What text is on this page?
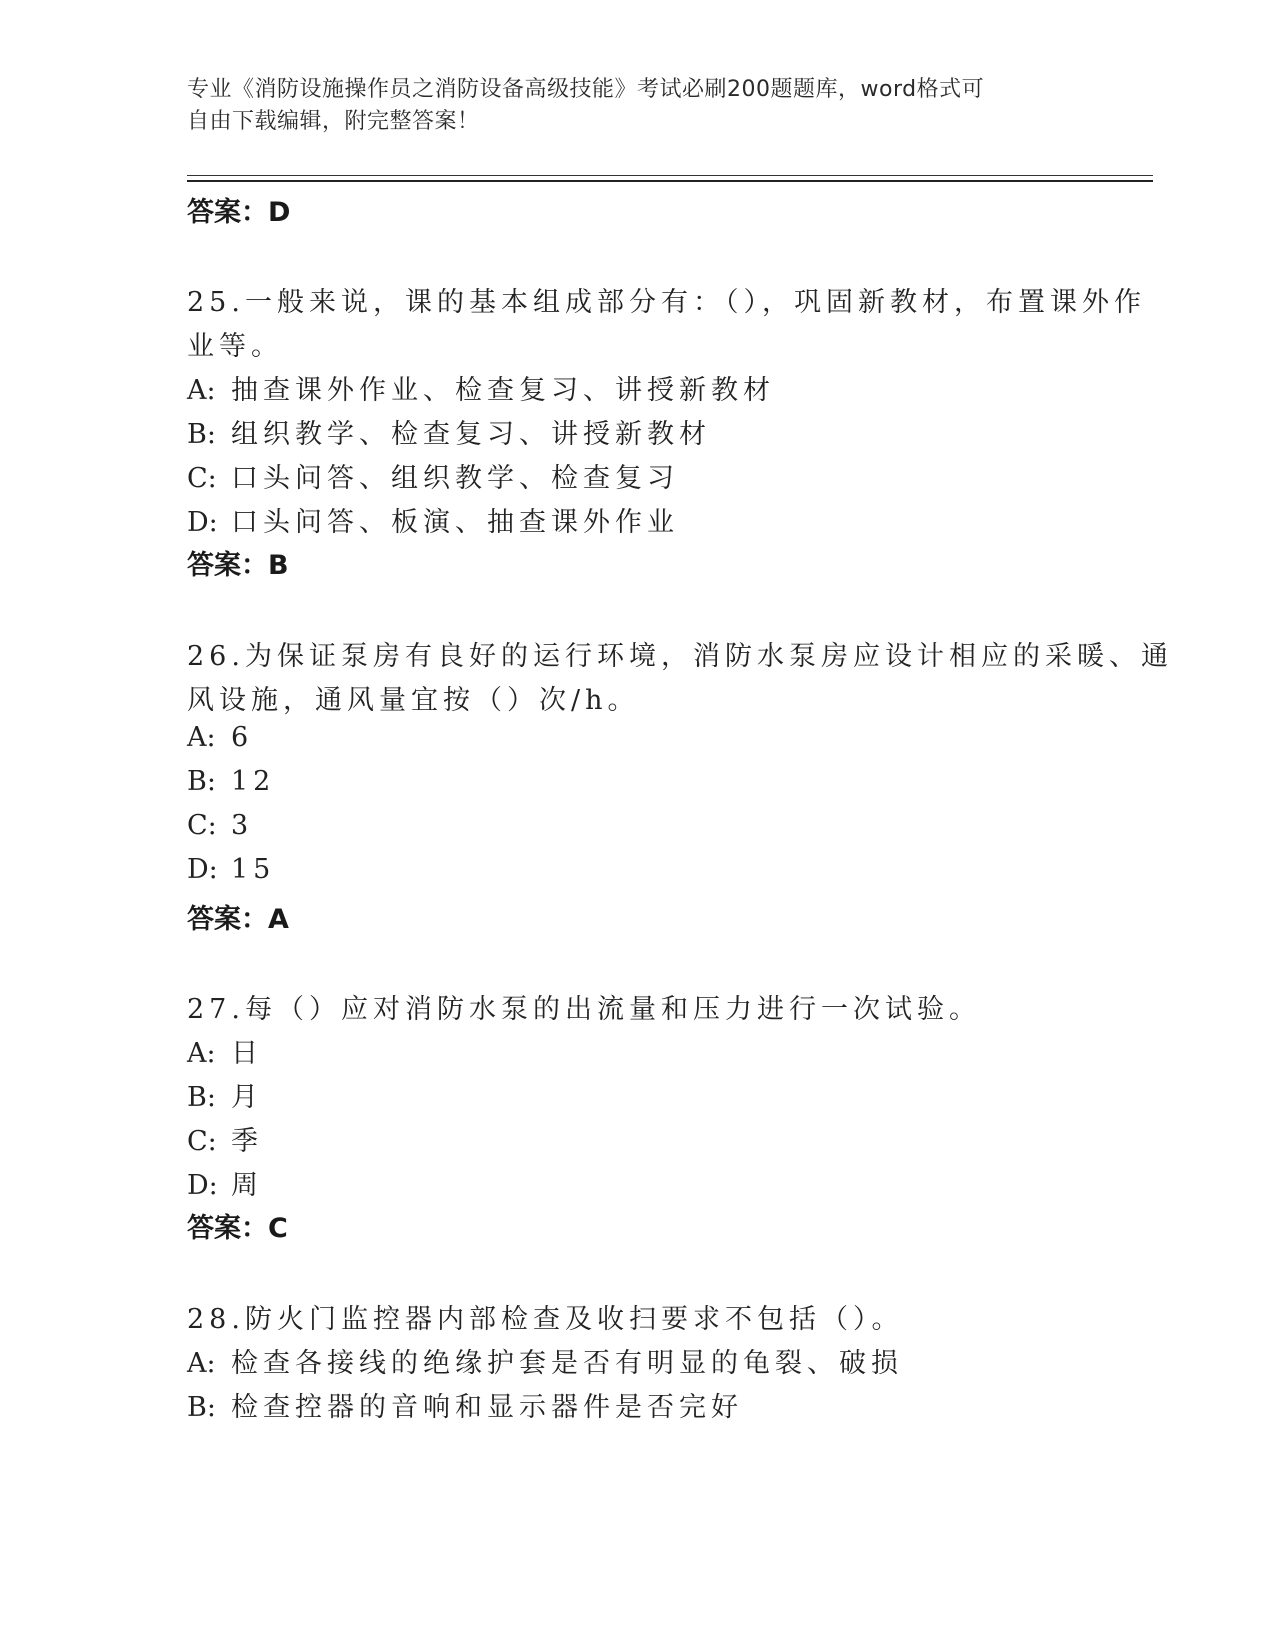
专业《消防设施操作员之消防设备高级技能》考试必刷200题题库，word格式可
自由下载编辑，附完整答案！
答案：D
25.一般来说，课的基本组成部分有：（），巩固新教材，布置课外作
业等。
A: 抽查课外作业、检查复习、讲授新教材
B: 组织教学、检查复习、讲授新教材
C: 口头问答、组织教学、检查复习
D: 口头问答、板演、抽查课外作业
答案：B
26.为保证泵房有良好的运行环境，消防水泵房应设计相应的采暖、通
风设施，通风量宜按（）次/h。
A: 6
B: 12
C: 3
D: 15
答案：A
27.每（）应对消防水泵的出流量和压力进行一次试验。
A: 日
B: 月
C: 季
D: 周
答案：C
28.防火门监控器内部检查及收扫要求不包括（）。
A: 检查各接线的绝缘护套是否有明显的龟裂、破损
B: 检查控器的音响和显示器件是否完好
